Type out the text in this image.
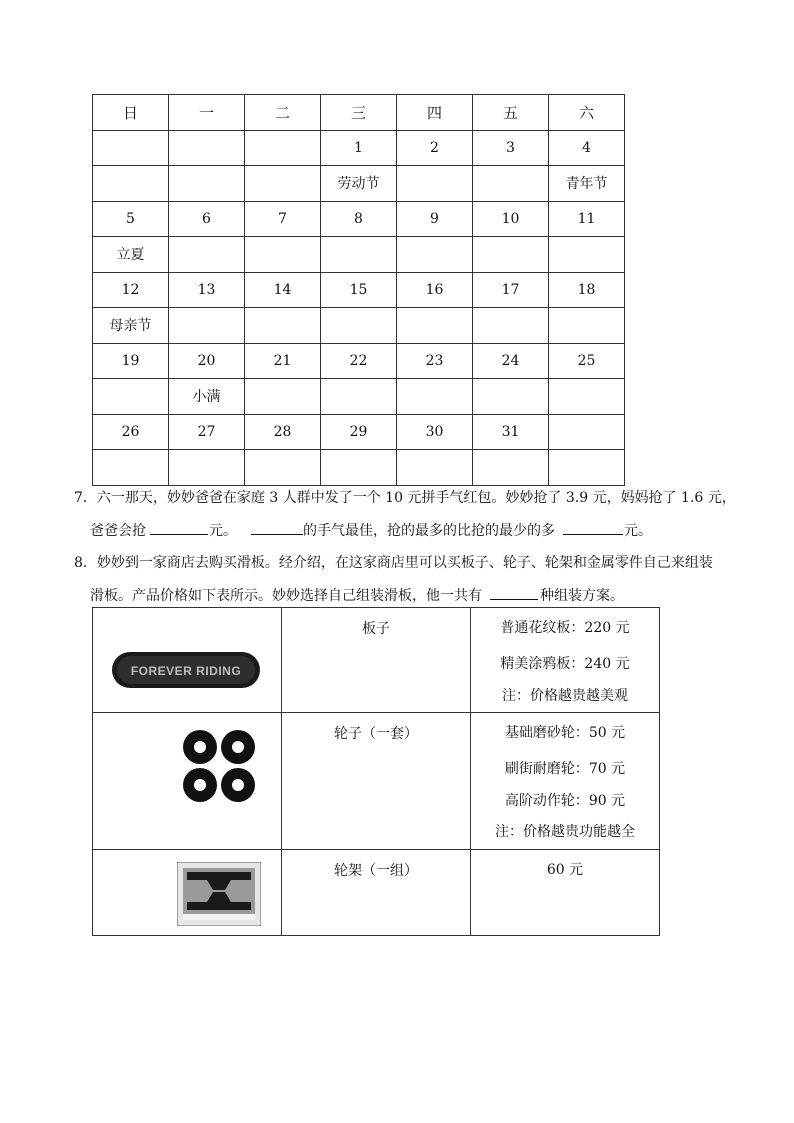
日	一	二	三	四	五	六
			1	2	3	4
			劳动节			青年节
5	6	7	8	9	10	11
立夏						
12	13	14	15	16	17	18
母亲节						
19	20	21	22	23	24	25
	小满					
26	27	28	29	30	31	

7．六一那天，妙妙爸爸在家庭 3 人群中发了一个 10 元拼手气红包。妙妙抢了 3.9 元，妈妈抢了 1.6 元，
爸爸会抢	元。	的手气最佳，抢的最多的比抢的最少的多	元。
8．妙妙到一家商店去购买滑板。经介绍，在这家商店里可以买板子、轮子、轮架和金属零件自己来组装
滑板。产品价格如下表所示。妙妙选择自己组装滑板，他一共有	种组装方案。
FOREVER RIDING	板子	普通花纹板：220 元
精美涂鸦板：240 元
注：价格越贵越美观

	轮子（一套）	基础磨砂轮：50 元
刷街耐磨轮：70 元
高阶动作轮：90 元
注：价格越贵功能越全

	轮架（一组）	60 元
